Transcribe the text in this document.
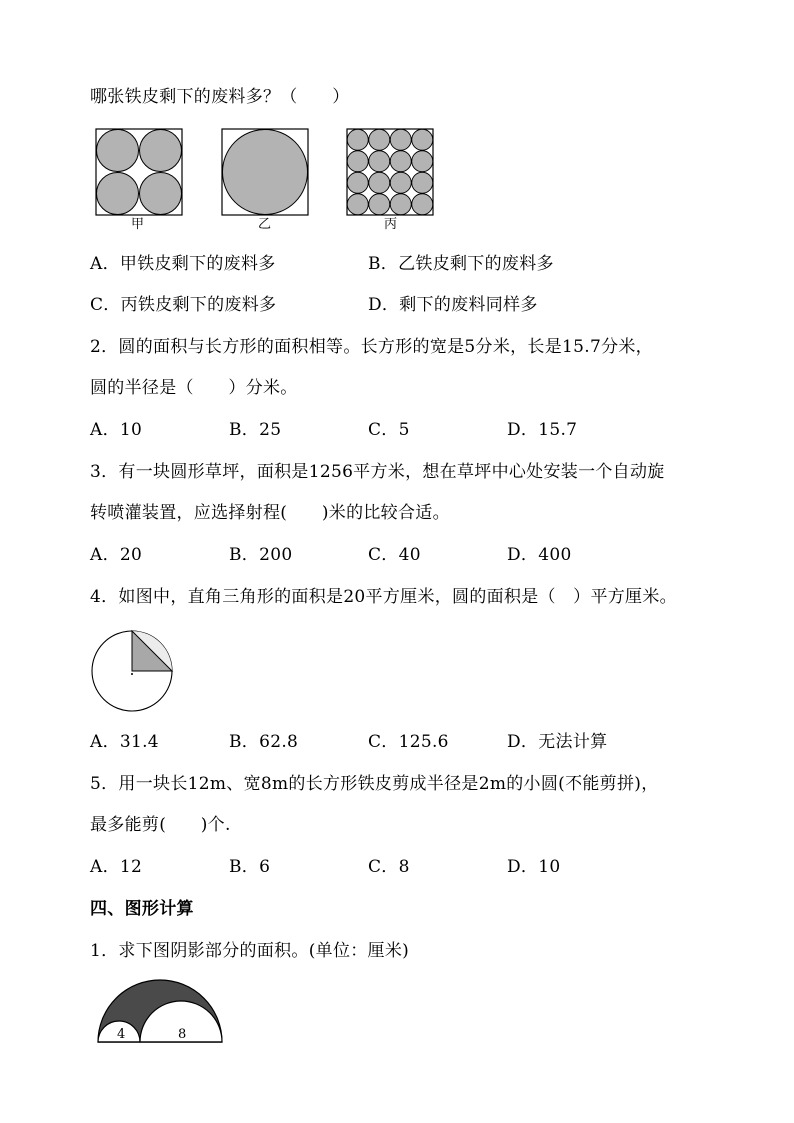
哪张铁皮剩下的废料多？（　　）
甲	乙	丙
A．甲铁皮剩下的废料多	B．乙铁皮剩下的废料多
C．丙铁皮剩下的废料多	D．剩下的废料同样多
2．圆的面积与长方形的面积相等。长方形的宽是5分米，长是15.7分米，
圆的半径是（　　）分米。
A．10	B．25	C．5	D．15.7
3．有一块圆形草坪，面积是1256平方米，想在草坪中心处安装一个自动旋
转喷灌装置，应选择射程(　　)米的比较合适。
A．20	B．200	C．40	D．400
4．如图中，直角三角形的面积是20平方厘米，圆的面积是（　）平方厘米。
A．31.4	B．62.8	C．125.6	D．无法计算
5．用一块长12m、宽8m的长方形铁皮剪成半径是2m的小圆(不能剪拼)，
最多能剪(　　)个.
A．12	B．6	C．8	D．10
四、图形计算
1．求下图阴影部分的面积。(单位：厘米)
4	8
